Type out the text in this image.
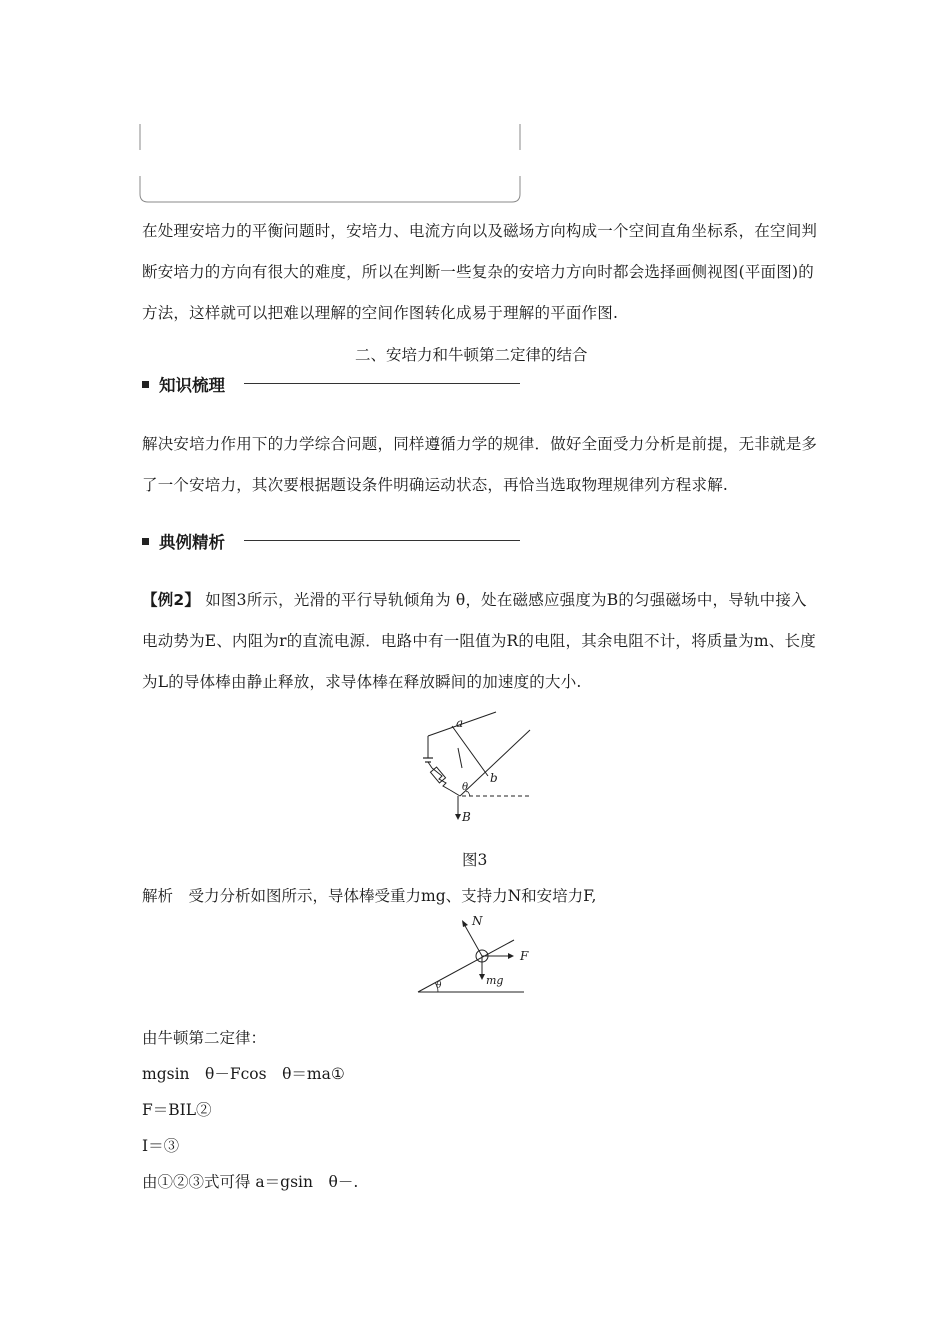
在处理安培力的平衡问题时，安培力、电流方向以及磁场方向构成一个空间直角坐标系，在空间判断安培力的方向有很大的难度，所以在判断一些复杂的安培力方向时都会选择画侧视图(平面图)的方法，这样就可以把难以理解的空间作图转化成易于理解的平面作图.
二、安培力和牛顿第二定律的结合
知识梳理
解决安培力作用下的力学综合问题，同样遵循力学的规律．做好全面受力分析是前提，无非就是多了一个安培力，其次要根据题设条件明确运动状态，再恰当选取物理规律列方程求解.
典例精析
【例2】 如图3所示，光滑的平行导轨倾角为 θ，处在磁感应强度为B的匀强磁场中，导轨中接入电动势为E、内阻为r的直流电源．电路中有一阻值为R的电阻，其余电阻不计，将质量为m、长度为L的导体棒由静止释放，求导体棒在释放瞬间的加速度的大小.
a
b
θ
B
图3
解析　受力分析如图所示，导体棒受重力mg、支持力N和安培力F,
N
F
mg
θ
由牛顿第二定律：
mgsin　θ－Fcos　θ＝ma①
F＝BIL②
I＝③
由①②③式可得 a＝gsin　θ－.
